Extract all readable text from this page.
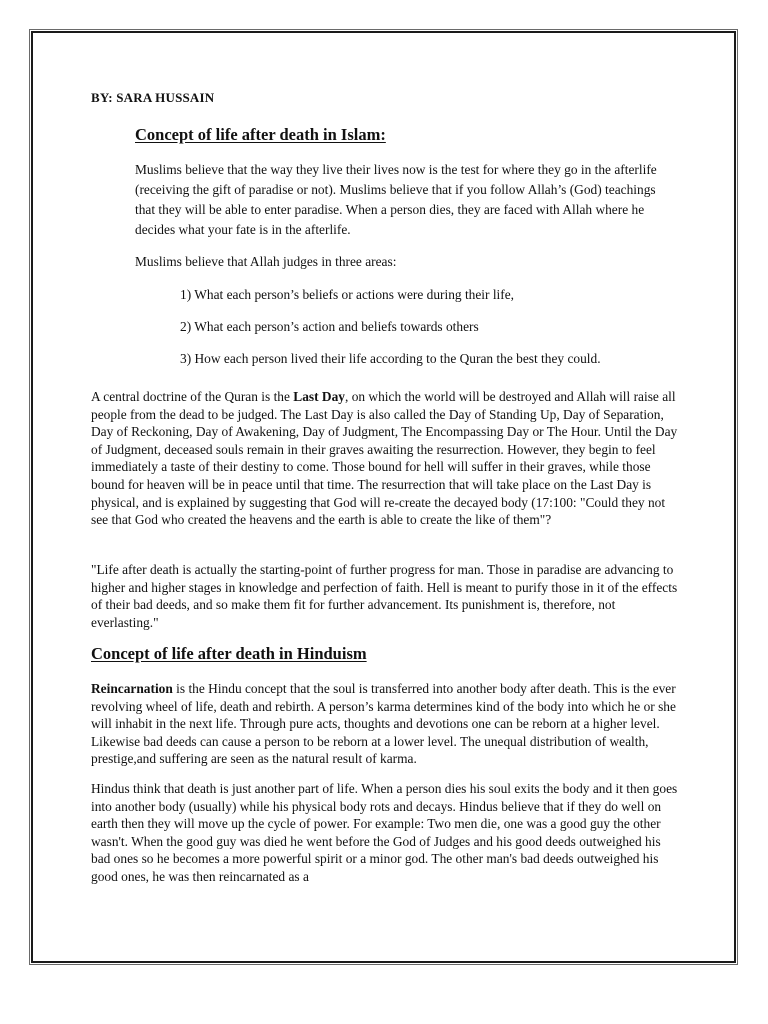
BY: SARA HUSSAIN
Concept of life after death in Islam:

Muslims believe that the way they live their lives now is the test for where they go in the afterlife (receiving the gift of paradise or not). Muslims believe that if you follow Allah’s (God) teachings that they will be able to enter paradise. When a person dies, they are faced with Allah where he decides what your fate is in the afterlife.

Muslims believe that Allah judges in three areas:

1) What each person’s beliefs or actions were during their life,
2) What each person’s action and beliefs towards others
3) How each person lived their life according to the Quran the best they could.

A central doctrine of the Quran is the Last Day, on which the world will be destroyed and Allah will raise all people from the dead to be judged. The Last Day is also called the Day of Standing Up, Day of Separation, Day of Reckoning, Day of Awakening, Day of Judgment, The Encompassing Day or The Hour. Until the Day of Judgment, deceased souls remain in their graves awaiting the resurrection. However, they begin to feel immediately a taste of their destiny to come. Those bound for hell will suffer in their graves, while those bound for heaven will be in peace until that time. The resurrection that will take place on the Last Day is physical, and is explained by suggesting that God will re-create the decayed body (17:100: "Could they not see that God who created the heavens and the earth is able to create the like of them"?

"Life after death is actually the starting-point of further progress for man. Those in paradise are advancing to higher and higher stages in knowledge and perfection of faith. Hell is meant to purify those in it of the effects of their bad deeds, and so make them fit for further advancement. Its punishment is, therefore, not everlasting."

Concept of life after death in Hinduism

Reincarnation is the Hindu concept that the soul is transferred into another body after death. This is the ever revolving wheel of life, death and rebirth. A person’s karma determines kind of the body into which he or she will inhabit in the next life. Through pure acts, thoughts and devotions one can be reborn at a higher level. Likewise bad deeds can cause a person to be reborn at a lower level. The unequal distribution of wealth, prestige,and suffering are seen as the natural result of karma.

Hindus think that death is just another part of life. When a person dies his soul exits the body and it then goes into another body (usually) while his physical body rots and decays. Hindus believe that if they do well on earth then they will move up the cycle of power. For example: Two men die, one was a good guy the other wasn't. When the good guy was died he went before the God of Judges and his good deeds outweighed his bad ones so he becomes a more powerful spirit or a minor god. The other man's bad deeds outweighed his good ones, he was then reincarnated as a
